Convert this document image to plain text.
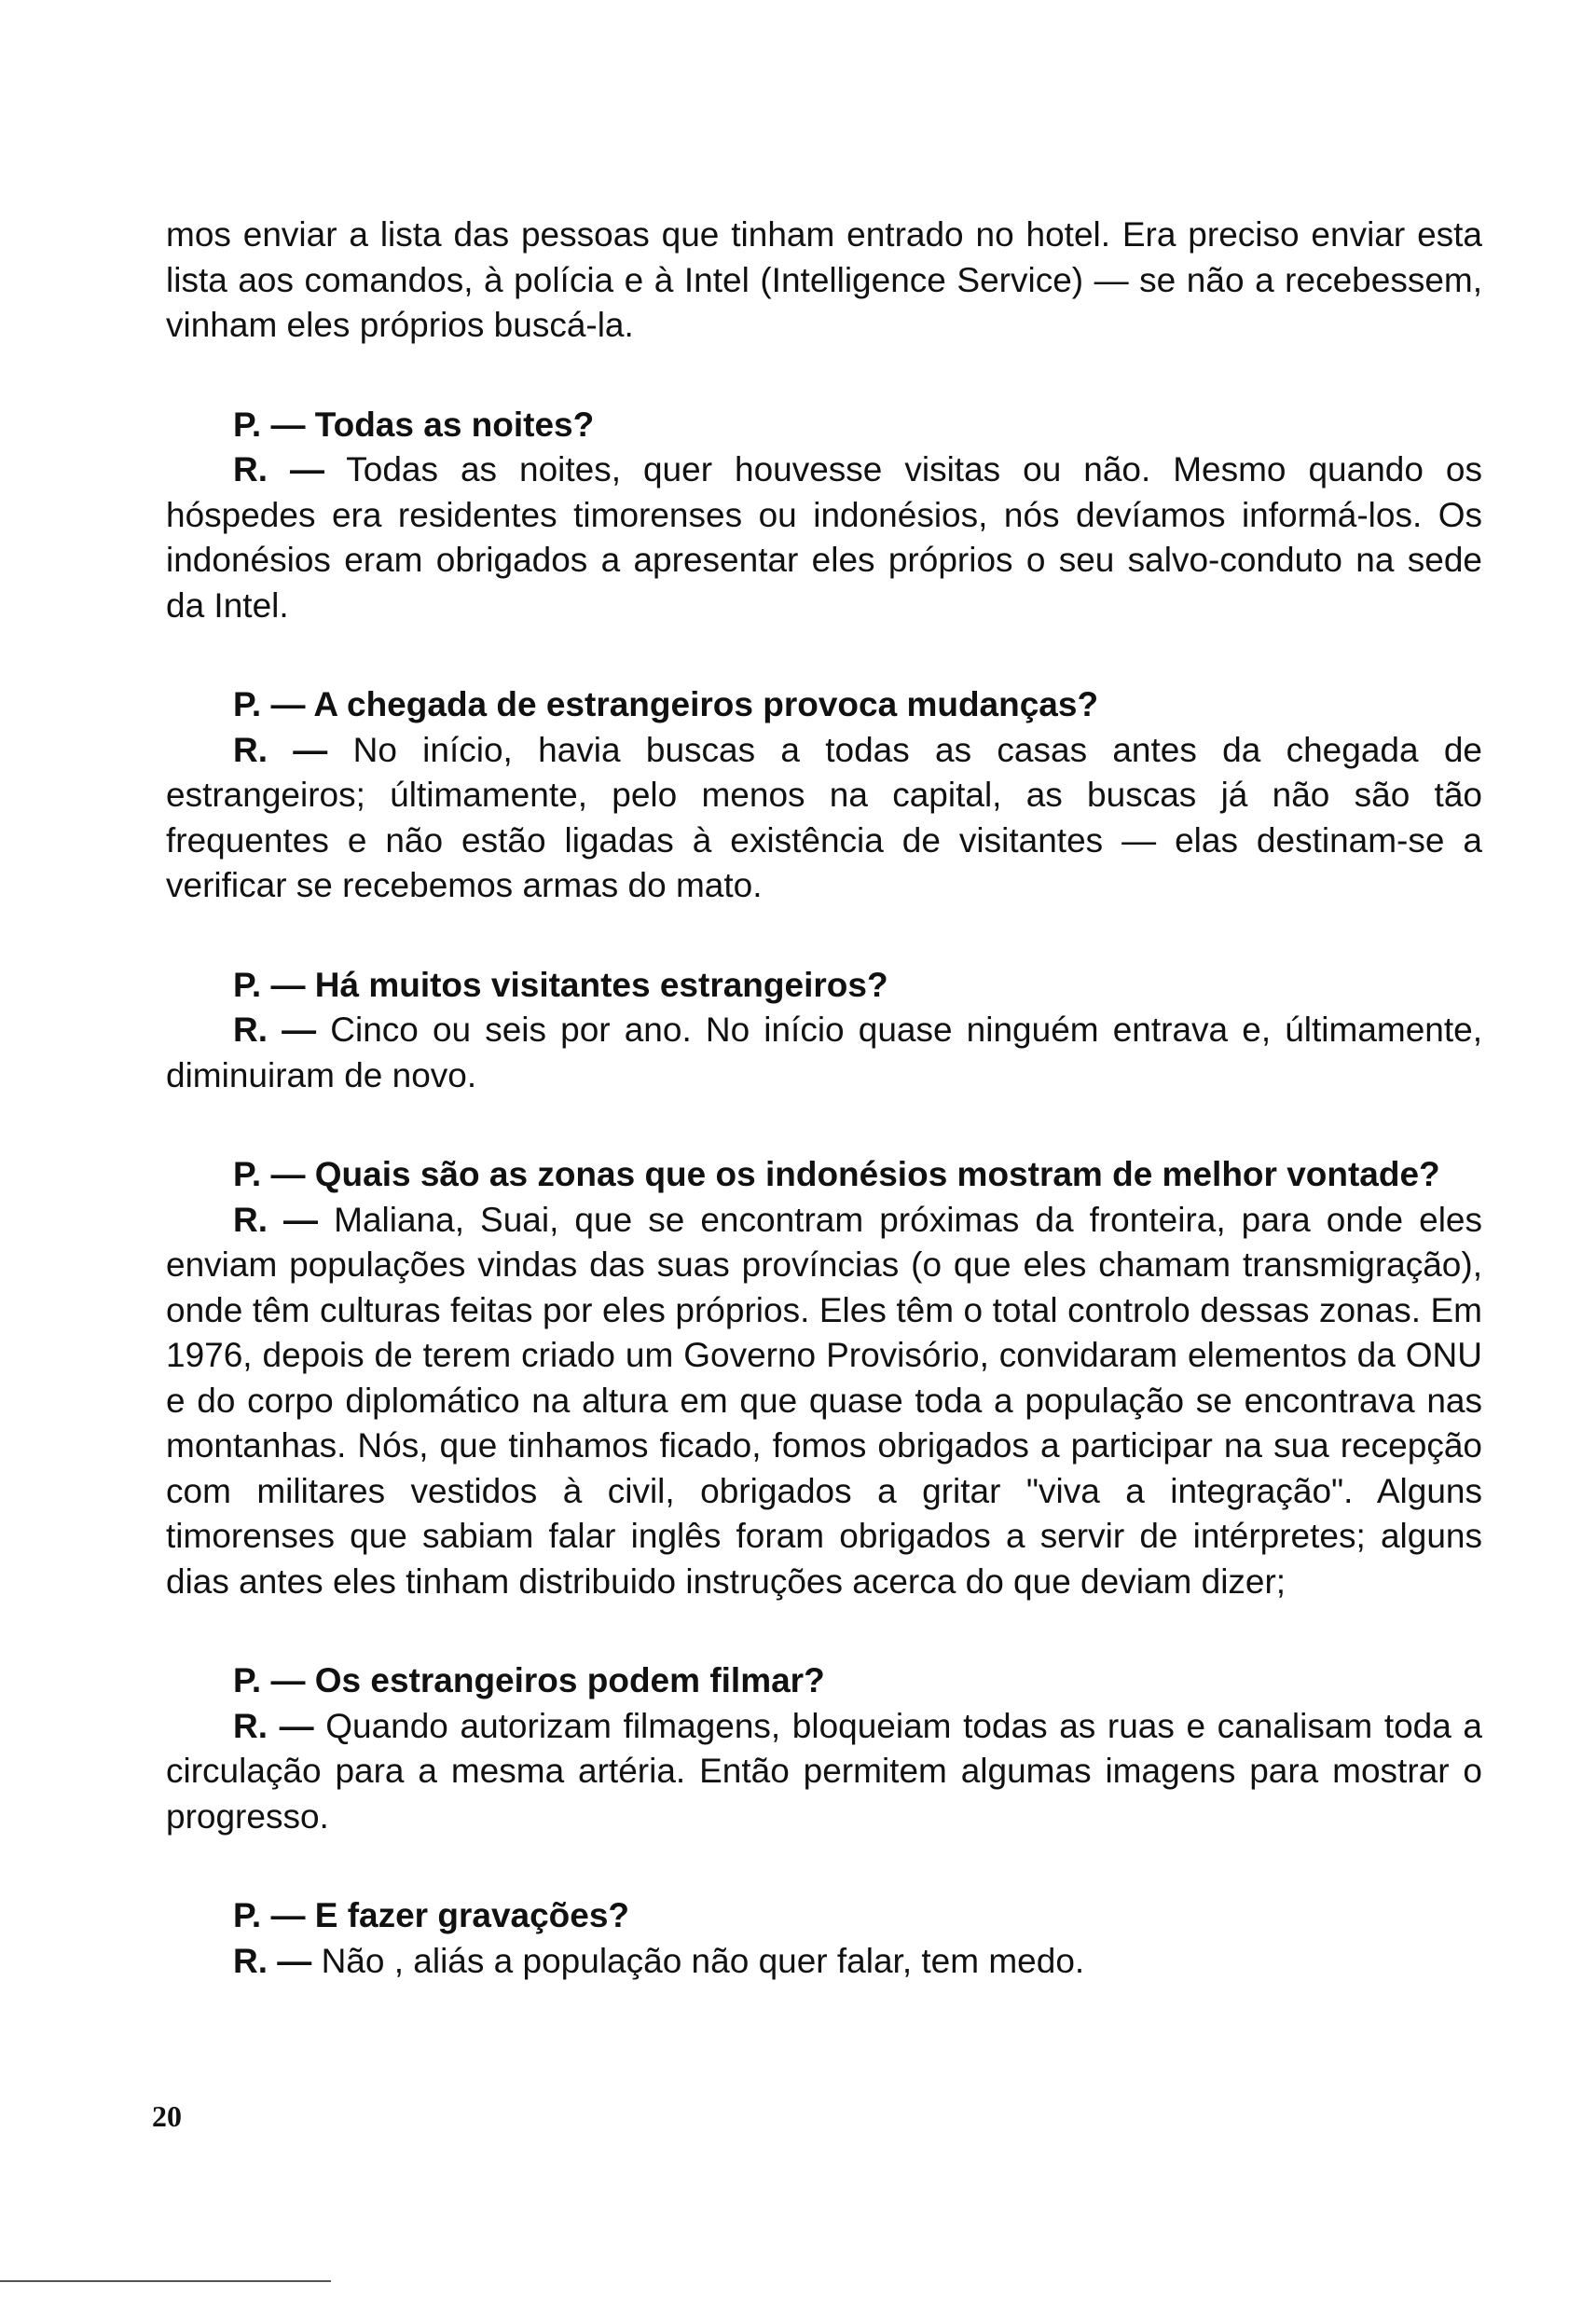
mos enviar a lista das pessoas que tinham entrado no hotel. Era preciso enviar esta lista aos comandos, à polícia e à Intel (Intelligence Service) — se não a recebessem, vinham eles próprios buscá-la.

P. — Todas as noites?

R. — Todas as noites, quer houvesse visitas ou não. Mesmo quando os hóspedes era residentes timorenses ou indonésios, nós devíamos informá-los. Os indonésios eram obrigados a apresentar eles próprios o seu salvo-conduto na sede da Intel.

P. — A chegada de estrangeiros provoca mudanças?

R. — No início, havia buscas a todas as casas antes da chegada de estrangeiros; últimamente, pelo menos na capital, as buscas já não são tão frequentes e não estão ligadas à existência de visitantes — elas destinam-se a verificar se recebemos armas do mato.

P. — Há muitos visitantes estrangeiros?

R. — Cinco ou seis por ano. No início quase ninguém entrava e, últimamente, diminuiram de novo.

P. — Quais são as zonas que os indonésios mostram de melhor vontade?

R. — Maliana, Suai, que se encontram próximas da fronteira, para onde eles enviam populações vindas das suas províncias (o que eles chamam transmigração), onde têm culturas feitas por eles próprios. Eles têm o total controlo dessas zonas. Em 1976, depois de terem criado um Governo Provisório, convidaram elementos da ONU e do corpo diplomático na altura em que quase toda a população se encontrava nas montanhas. Nós, que tinhamos ficado, fomos obrigados a participar na sua recepção com militares vestidos à civil, obrigados a gritar "viva a integração". Alguns timorenses que sabiam falar inglês foram obrigados a servir de intérpretes; alguns dias antes eles tinham distribuido instruções acerca do que deviam dizer;

P. — Os estrangeiros podem filmar?

R. — Quando autorizam filmagens, bloqueiam todas as ruas e canalisam toda a circulação para a mesma artéria. Então permitem algumas imagens para mostrar o progresso.

P. — E fazer gravações?

R. — Não , aliás a população não quer falar, tem medo.

20
